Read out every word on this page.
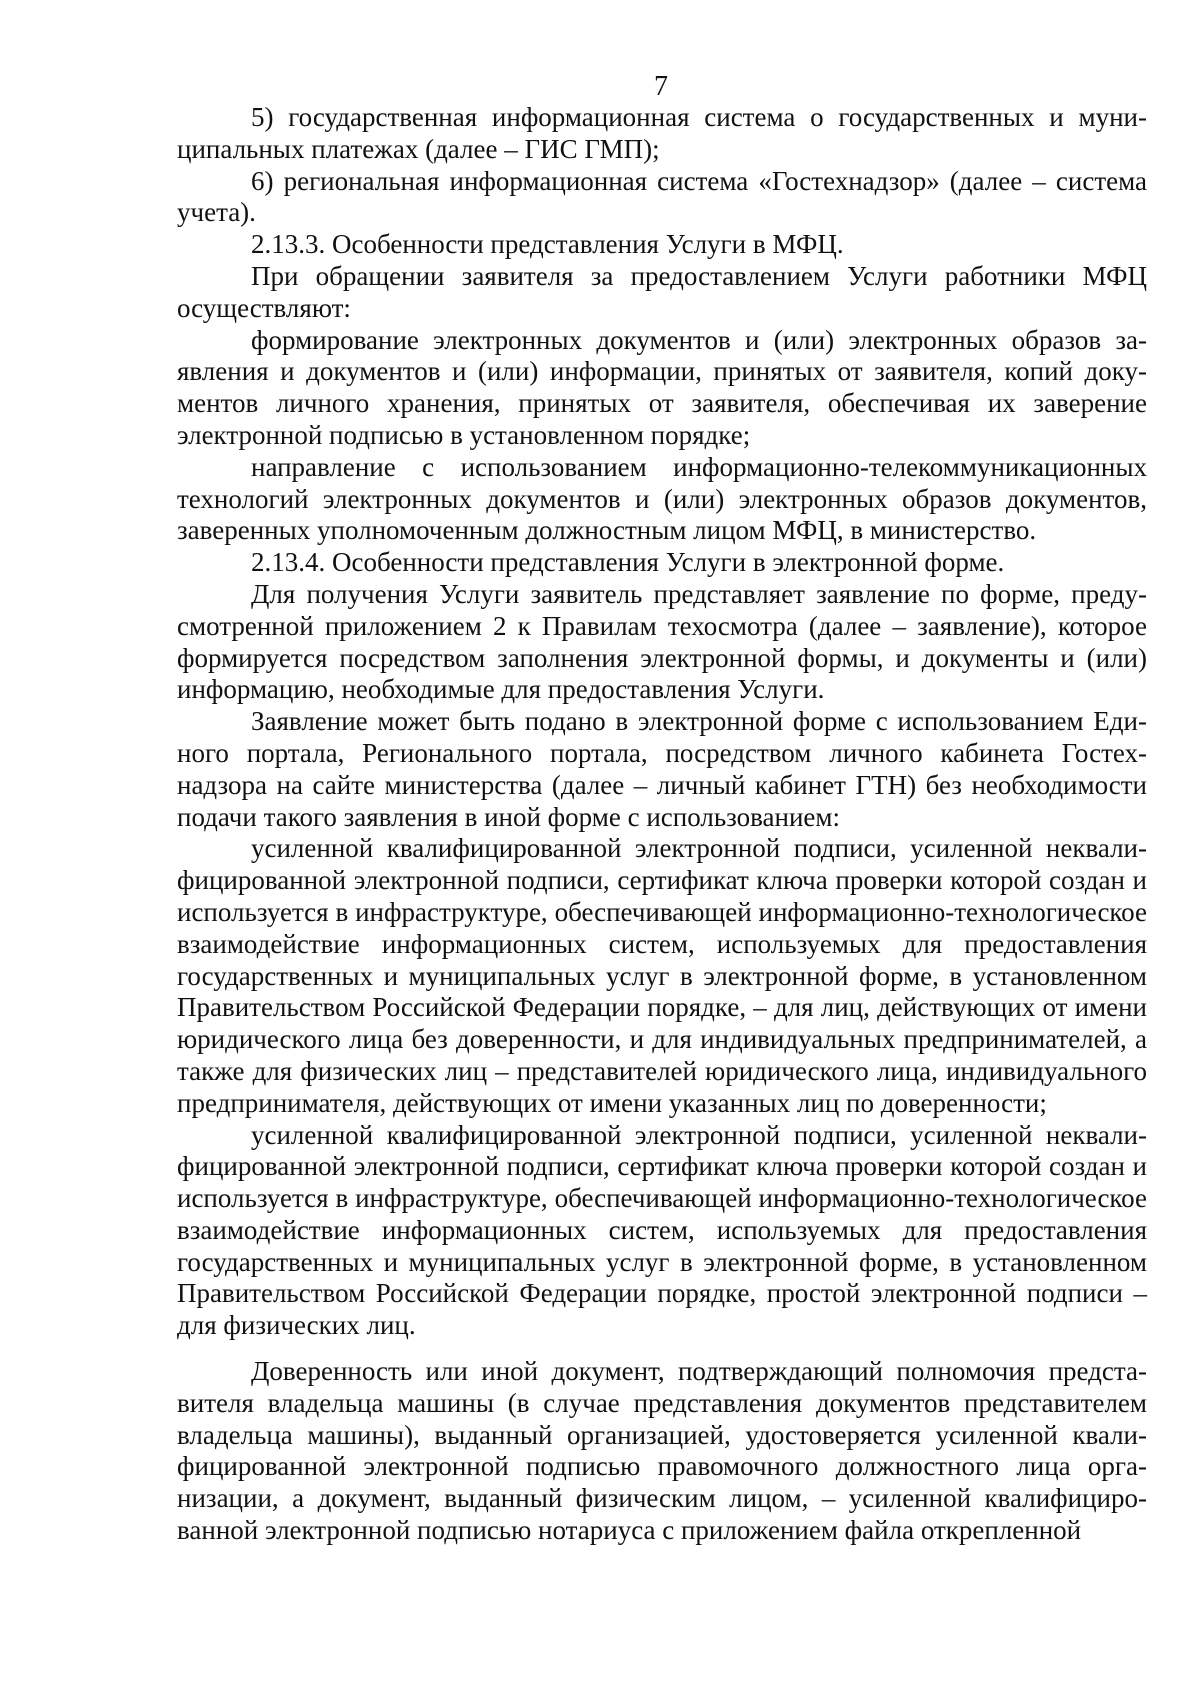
7

5) государственная информационная система о государственных и муниципальных платежах (далее – ГИС ГМП);

6) региональная информационная система «Гостехнадзор» (далее – система учета).

2.13.3. Особенности представления Услуги в МФЦ.

При обращении заявителя за предоставлением Услуги работники МФЦ осуществляют:

формирование электронных документов и (или) электронных образов заявления и документов и (или) информации, принятых от заявителя, копий документов личного хранения, принятых от заявителя, обеспечивая их заверение электронной подписью в установленном порядке;

направление с использованием информационно-телекоммуникационных технологий электронных документов и (или) электронных образов документов, заверенных уполномоченным должностным лицом МФЦ, в министерство.

2.13.4. Особенности представления Услуги в электронной форме.

Для получения Услуги заявитель представляет заявление по форме, предусмотренной приложением 2 к Правилам техосмотра (далее – заявление), которое формируется посредством заполнения электронной формы, и документы и (или) информацию, необходимые для предоставления Услуги.

Заявление может быть подано в электронной форме с использованием Единого портала, Регионального портала, посредством личного кабинета Гостехнадзора на сайте министерства (далее – личный кабинет ГТН) без необходимости подачи такого заявления в иной форме с использованием:

усиленной квалифицированной электронной подписи, усиленной неквалифицированной электронной подписи, сертификат ключа проверки которой создан и используется в инфраструктуре, обеспечивающей информационно-технологическое взаимодействие информационных систем, используемых для предоставления государственных и муниципальных услуг в электронной форме, в установленном Правительством Российской Федерации порядке, – для лиц, действующих от имени юридического лица без доверенности, и для индивидуальных предпринимателей, а также для физических лиц – представителей юридического лица, индивидуального предпринимателя, действующих от имени указанных лиц по доверенности;

усиленной квалифицированной электронной подписи, усиленной неквалифицированной электронной подписи, сертификат ключа проверки которой создан и используется в инфраструктуре, обеспечивающей информационно-технологическое взаимодействие информационных систем, используемых для предоставления государственных и муниципальных услуг в электронной форме, в установленном Правительством Российской Федерации порядке, простой электронной подписи – для физических лиц.

Доверенность или иной документ, подтверждающий полномочия представителя владельца машины (в случае представления документов представителем владельца машины), выданный организацией, удостоверяется усиленной квалифицированной электронной подписью правомочного должностного лица организации, а документ, выданный физическим лицом, – усиленной квалифицированной электронной подписью нотариуса с приложением файла открепленной
